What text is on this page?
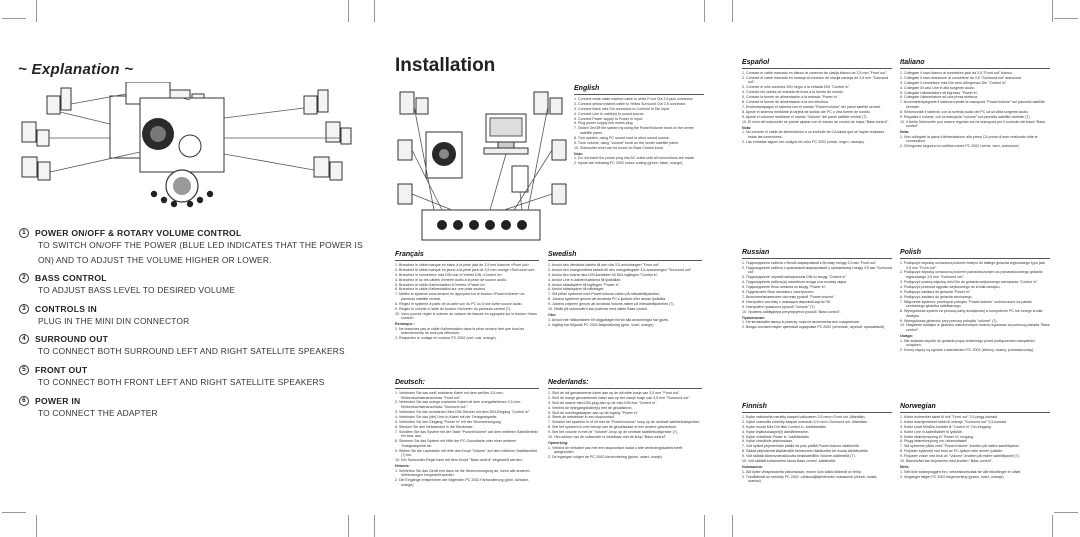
~ Explanation ~
1	POWER ON/OFF & ROTARY VOLUME CONTROL
TO SWITCH ON/OFF THE POWER (BLUE LED INDICATES THAT THE POWER IS ON) AND TO ADJUST THE VOLUME HIGHER OR LOWER.
2	BASS CONTROL
TO ADJUST BASS LEVEL TO DESIRED VOLUME
3	CONTROLS IN
PLUG IN THE MINI DIN CONNECTOR
4	SURROUND OUT
TO CONNECT BOTH SURROUND LEFT AND RIGHT SATELLITE SPEAKERS
5	FRONT OUT
TO CONNECT BOTH FRONT LEFT AND RIGHT SATELLITE SPEAKERS
6	POWER IN
TO CONNECT THE ADAPTER
Installation
English
1. Connect white cable marked cable to white Front Out 3.5 jack connector.
2. Connect yellow marked cable to Yellow Surround Out 3.5 connector.
3. Connect black mini Din connector to Controls In Din input.
4. Connect Line In cable(s) to sound source.
5. Connect Power supply to Power In input.
6. Plug power supply into mains plug.
7. Switch On/Off the system by using the Power/Volume knob on the center satellite panel.
8. Turn system, using PC sound card or other sound source.
9. Tune volume, using "volume" knob on the center satellite panel.
10. Subwoofer level can be tuned on Bass Control knob.
Note:
1. Do not insert the power plug into AC outlet until all connections are made.
2. Inputs are following PC 2002 colour coding (green, black, orange)
Français
1. Branchez le câble marqué en blanc à la prise jack de 3,5 mm blanche «Front out».
2. Branchez le câble marqué en jaune à la prise jack de 3,5 mm orange «Surround out».
3. Branchez le connecteur mini DIN noir à l'entrée DIN «Control in».
4. Branchez le ou les câbles d'entrée audio à la prise de source audio.
5. Branchez le câble d'alimentation à l'entrée «Power in».
6. Branchez le câble d'alimentation sur une prise secteur.
7. Mettez le système sous tension en appuyant sur le bouton «Power/volume» du panneau satellite central.
8. Réglez le système à partir de la carte son du PC ou d'une autre source audio.
9. Réglez le volume à l'aide du bouton «Volume» du panneau central (7).
10. Vous pouvez régler le volume du caisson de basses en appuyant sur le bouton «bass control».
Remarque :
1. Ne branchez pas le câble d'alimentation dans la prise secteur tant que tous les branchements ne sont pas effectués.
2. Respectez le codage en couleur PC 2002 (vert, noir, orange).
Swedish
1. Anslut den vitmärkta kabeln till den vita 3,5-anslutningen "Front out".
2. Anslut den orangemärkta kabeln till den orangefärgade 3,5-anslutningen "Surround out".
3. Anslut den svarta mini-DIN-kontakten till DIN-ingången "Control in".
4. Anslut Line in-kabeln/kablarna till ljudkällan.
5. Anslut nätadaptern till ingången "Power in".
6. Anslut nätadaptern till nätuttaget.
7. Slå på/av systemet med Power/volume-ratten på mittsatellitpanelen.
8. Justera systemet genom att använda PC:s ljudkort eller annan ljudkälla.
9. Justera volymen genom att använda Volume-ratten på mittsatellitpanelen (7).
10. Nivån på subwoofern kan justeras med ratten Bass control.
Obs:
1. Anslut inte nätkontakten till vägguttaget förrän alla anslutningar har gjorts.
2. Ingång har följande PC 2002-färgmärkning (grön, svart, orange)
Deutsch:
1. Verbinden Sie das weiß markierte Kabel mit dem weißen 3,5-mm-Klinkenbuchsenanschluss "Front out".
2. Verbinden Sie das orange markierte Kabel mit dem orangefarbenen 3,5-mm-Klinkenbuchsenanschluss "Surround out".
3. Verbinden Sie den schwarzen Mini-DIN-Stecker mit dem DIN-Eingang "Control in".
4. Verbinden Sie das (die) Line-In-Kabel mit der Tonsignalquelle.
5. Verbinden Sie den Eingang "Power in" mit der Stromversorgung.
6. Stecken Sie den Netzstecker in die Steckdose.
7. Schalten Sie das System mit der Taste "Power/Volume" auf dem mittleren Satellitenfeld ein bzw. aus.
8. Stimmen Sie das System mit Hilfe der PC-Soundkarte oder einer anderen Tonsignalquelle ab.
9. Stellen Sie die Lautstärke mit Hilfe des Knopf "Volume" auf dem mittleren Satellitenfeld (7) ein.
10. Der Subwoofer-Pegel kann mit dem Knopf "Bass control" eingestellt werden.
Hinweis:
1. Schließen Sie das Gerät erst dann an die Stromversorgung an, wenn alle anderen Verbindungen hergestellt wurden.
2. Die Eingänge entsprechen der folgenden PC 2002 Farbcodierung (grün, schwarz, orange).
Nederlands:
1. Sluit de wit gemarkeerde kabel aan op de wit witte busje van 3,5 mm "Front out".
2. Sluit de oranje gemarkeerde kabel aan op het oranje busje van 3,5 mm "Surround out".
3. Sluit de zwarte mini-DIN-plug aan op de mini-DIN-bus "Control in".
4. Verbind de lijningangskabel(s) met de geluidsbron.
5. Sluit de voedingsadapter aan op de ingang "Power in".
6. Steek de netstekker in een stopcontact.
7. Schakel het systeem in of uit met de "Power/volume" knop op de centrale satellietluidspreker.
8. Stel het systeem in met behulp van de geluidskaart of een andere geluidsbron.
9. Stel het volume in met de "Volume"-knop op de centrale satellietluidspreker (7).
10. Het volume van de subwoofer is instelbaar met de knop "Bass control".
Opmerking:
1. Verbind de netkabel pas met een stopcontact nadat u alle verbindingskabels heeft aangesloten.
2. De ingangen volgen de PC 2002-kleurcodering (groen, zwart, oranje).
Español
1. Conecte el cable marcado en blanco al conector de clavija blanco de 3,5 mm "Front out".
2. Conecte el cable marcado en naranja al conector de clavija naranja de 3,5 mm "Surround out".
3. Conecte el mini conector DIN negro a la entrada DIN "Control in".
4. Conecte los cables de entrada de línea a la fuente de sonido.
5. Conecte la fuente de alimentación a la entrada "Power in".
6. Conecte la fuente de alimentación a la red eléctrica.
7. Encienda/apague el sistema con el mando "Power/volume" del panel satélite central.
8. Ajuste el sistema mediante la tarjeta de sonido del PC u otra fuente de sonido.
9. Ajuste el volumen mediante el mando "Volume" del panel satélite central (7).
10. El nivel del subwoofer se puede ajustar con el mando de control de bajos "Bass control".
Nota:
1. No conecte el cable de alimentación a un enchufe de CA hasta que se hayan realizado todas las conexiones.
2. Las entradas siguen los códigos de color PC 2002 (verde, negro, naranja).
Italiano
1. Collegate il cavo bianco al connettore jack da 3,5 "Front out" bianco.
2. Collegate il cavo arancione al connettore da 3,5 "Surround out" arancione.
3. Collegate il connettore mini Din nero all'ingresso Din "Control in".
4. Collegate il/i cavi Line in alla sorgente audio.
5. Collegate l'alimentatore all'ingresso "Power in".
6. Collegate l'alimentatore ad una presa elettrica.
7. Accendete/spegnete il sistema tramite la manopola "Power/volume" sul pannello satellite centrale.
8. Sintonizzate il sistema, con la scheda audio del PC od un'altra sorgente audio.
9. Regolate il volume, con la manopola "volume" sul pannello satellite centrale (7).
10. Il livello Subwoofer può essere regolato con la manopola per il controllo dei bassi "Bass control".
Nota:
1. Non collegate la spina d'alimentazione alla presa CA prima di aver realizzato tutte le connessioni.
2. Gli ingressi seguono la codifica colore PC 2002 (verde, nero, arancione)
Russian
1. Подсоедините кабель с белой маркировкой к белому гнезду 3,5 мм "Front out".
2. Подсоедините кабель с оранжевой маркировкой к оранжевому гнезду 3,5 мм "Surround out".
3. Подсоедините черный миниразъем DIN ко входу "Control in".
4. Подсоедините кабель(и) линейного входа к источнику звука.
5. Подсоедините блок питания ко входу "Power in".
6. Подключите блок питания к электросети.
7. Включите/выключите систему ручкой "Power/volume".
8. Настройте систему с помощью звуковой карты ПК.
9. Настройте громкость ручкой "Volume" (7).
10. Уровень сабвуфера регулируется ручкой "Bass control".
Примечание:
1. Не вставляйте вилку в розетку, пока не выполнены все соединения.
2. Входы соответствуют цветовой кодировке PC 2002 (зеленый, черный, оранжевый).
Polish
1. Podłączyć wtyczkę oznaczoną kolorem białym do białego gniazda wyjściowego typu jack 3,5 mm "Front out".
2. Podłączyć wtyczkę oznaczoną kolorem pomarańczowym do pomarańczowego gniazda wyjściowego 3,5 mm "Surround out".
3. Podłączyć czarną wtyczkę mini Din do gniazda wejściowego sterowania "Control in".
4. Podłączyć przewód sygnału wejściowego do źródła dźwięku.
5. Podłączyć zasilacz do gniazda "Power in".
6. Podłączyć zasilacz do gniazda sieciowego.
7. Włączenie systemu: przekręcić pokrętło "Power/volume" umieszczone na panelu centralnego głośnika satelitarnego.
8. Wyregulować system za pomocą karty dźwiękowej w komputerze PC lub innego źródła dźwięku.
9. Wyregulować głośność przy pomocy pokrętła "volume" (7).
10. Natężenie dźwięku w głośniku niskotonowym można regulować za pomocą pokrętła "Bass control".
Uwaga:
1. Nie wkładać wtyczki do gniazda prądu zmiennego przed podłączeniem wszystkich urządzeń.
2. Kolory złączy są zgodne z standardem PC 2002 (zielony, czarny, pomarańczowy).
Finnish
1. Kytke valkoisella merkitty kaapeli valkoiseen 3,5 mm:n Front out -liitäntään.
2. Kytke oranssilla merkitty kaapeli oranssiin 3,5 mm:n Surround out -liitäntään.
3. Kytke musta Mini Din-liitin Control in -tuloliitäntään.
4. Kytke linjatulokaapeli(t) äänilähteeseen.
5. Kytke virtalähde Power in -tuloliitäntään.
6. Kytke virtalähde pistorasiaan.
7. Voit kytkeä järjestelmän päälle tai pois päältä Power/volume-säätimellä.
8. Säädä järjestelmä käyttämällä tietokoneen äänikorttia tai muuta äänilähdettä.
9. Voit säätää äänenvoimakkuutta keskisatelliitin Volume-säätimellä (7).
10. Voit säätää subwooferin tasoa Bass control -säätimellä.
Huomautus:
1. Älä kytke virtapistoketta pistorasiaan, ennen kuin kaikki liitännät on tehty.
2. Tuloliitännät on merkitty PC 2002 -värikoodijärjestelmän mukaisesti (vihreä, musta, oranssi).
Norwegian
1. Koble hvitmerket kabel til hvit "Front out" 3,5 plugg-kontakt.
2. Koble oransjemerket kabel til oransje "Surround out" 3,5-kontakt.
3. Koble svart MiniDin-kontakt til "Control in" Din-inngang.
4. Koble Line in-kabel/kabler til lydkilde.
5. Koble strømforsyning til "Power in"-inngang.
6. Plugg strømforsyning inn i strømuttaket.
7. Slå systemet på/av med "Power/volume"-knotten på midtre satellittpanel.
8. Finjuster systemet ved bruk av PC-lydkort eller annen lydkilde.
9. Finjuster volum ved bruk av "Volume"-knotten på midtre satellittpanel (7).
10. Bassnivået kan finjusteres med knotten "Bass control".
Merk:
1. Sett ikke strømpluggen inn i vekselstrømuttak før alle tilkoblinger er utført.
2. Innganger følger PC 2002 fargemerking (grønn, svart, oransje)
